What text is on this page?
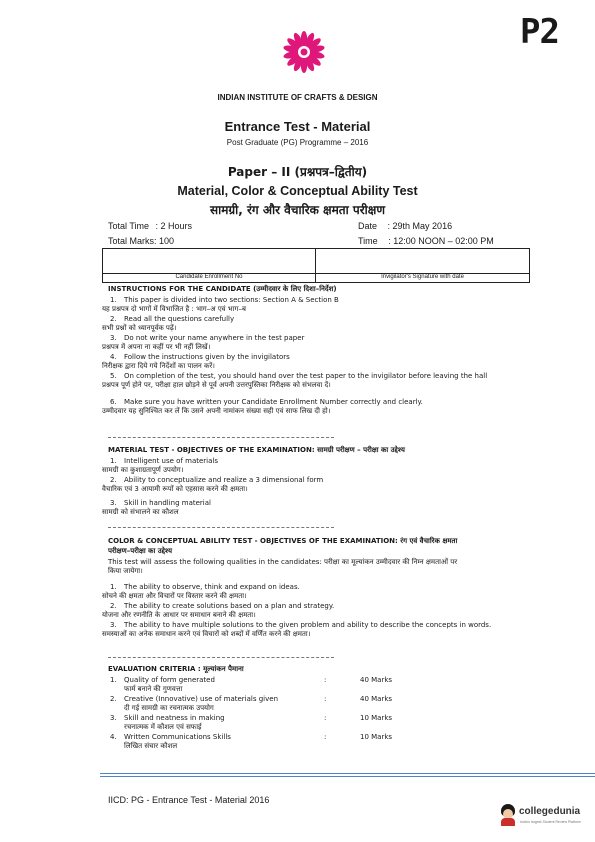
P2
INDIAN INSTITUTE OF CRAFTS & DESIGN
Entrance Test - Material
Post Graduate (PG) Programme – 2016
Paper – II (प्रश्नपत्र–द्वितीय)
Material, Color & Conceptual Ability Test
सामग्री, रंग और वैचारिक क्षमता परीक्षण
Total Time : 2 Hours	Date : 29th May 2016
Total Marks: 100	Time : 12:00 NOON – 02:00 PM
Candidate Enrollment No	Invigilator's Signature with date
INSTRUCTIONS FOR THE CANDIDATE (उम्मीदवार के लिए दिशा–निर्देश)
1. This paper is divided into two sections: Section A & Section B
यह प्रश्नपत्र दो भागों में विभाजित है : भाग–अ एवं भाग–ब
2. Read all the questions carefully
सभी प्रश्नों को ध्यानपूर्वक पढ़ें।
3. Do not write your name anywhere in the test paper
प्रश्नपत्र में अपना ना कहीं पर भी नहीं लिखें।
4. Follow the instructions given by the invigilators
निरीक्षक द्वारा दिये गये निर्देशों का पालन करें।
5. On completion of the test, you should hand over the test paper to the invigilator before leaving the hall
प्रश्नपत्र पूर्ण होने पर, परीक्षा हाल छोड़ने से पूर्व अपनी उत्तरपुस्तिका निरीक्षक को संभलवा दें।
6. Make sure you have written your Candidate Enrollment Number correctly and clearly.
उम्मीदवार यह सुनिश्चित कर लें कि उसने अपनी नामांकन संख्या सही एवं साफ लिख दी हो।
MATERIAL TEST - OBJECTIVES OF THE EXAMINATION: सामग्री परीक्षण – परीक्षा का उद्देश्य
1. Intelligent use of materials
सामग्री का कुशाग्रतापूर्ण उपयोग।
2. Ability to conceptualize and realize a 3 dimensional form
वैचारिक एवं 3 आयामी रूपों को एहसास करने की क्षमता।
3. Skill in handling material
सामग्री को संभालने का कौशल
COLOR & CONCEPTUAL ABILITY TEST - OBJECTIVES OF THE EXAMINATION: रंग एवं वैचारिक क्षमता
परीक्षण–परीक्षा का उद्देश्य
This test will assess the following qualities in the candidates: परीक्षा का मूल्यांकन उम्मीदवार की निम्न क्षमताओं पर
किया जायेगा।
1. The ability to observe, think and expand on ideas.
सोचने की क्षमता और विचारों पर विस्तार करने की क्षमता।
2. The ability to create solutions based on a plan and strategy.
योजना और रणनीति के आधार पर समाधान बनाने की क्षमता।
3. The ability to have multiple solutions to the given problem and ability to describe the concepts in words.
समस्याओं का अनेक समाधान करने एवं विचारों को शब्दों में वर्णित करने की क्षमता।
EVALUATION CRITERIA : मूल्यांकन पैमाना
1. Quality of form generated	:	40 Marks
फार्म बनाने की गुणवत्ता
2. Creative (Innovative) use of materials given	:	40 Marks
दी गई सामग्री का रचनात्मक उपयोग
3. Skill and neatness in making	:	10 Marks
रचनात्मक में कौशल एवं सफाई
4. Written Communications Skills	:	10 Marks
लिखित संचार कौशल
IICD: PG - Entrance Test - Material 2016
collegedunia
India's largest Student Review Platform
